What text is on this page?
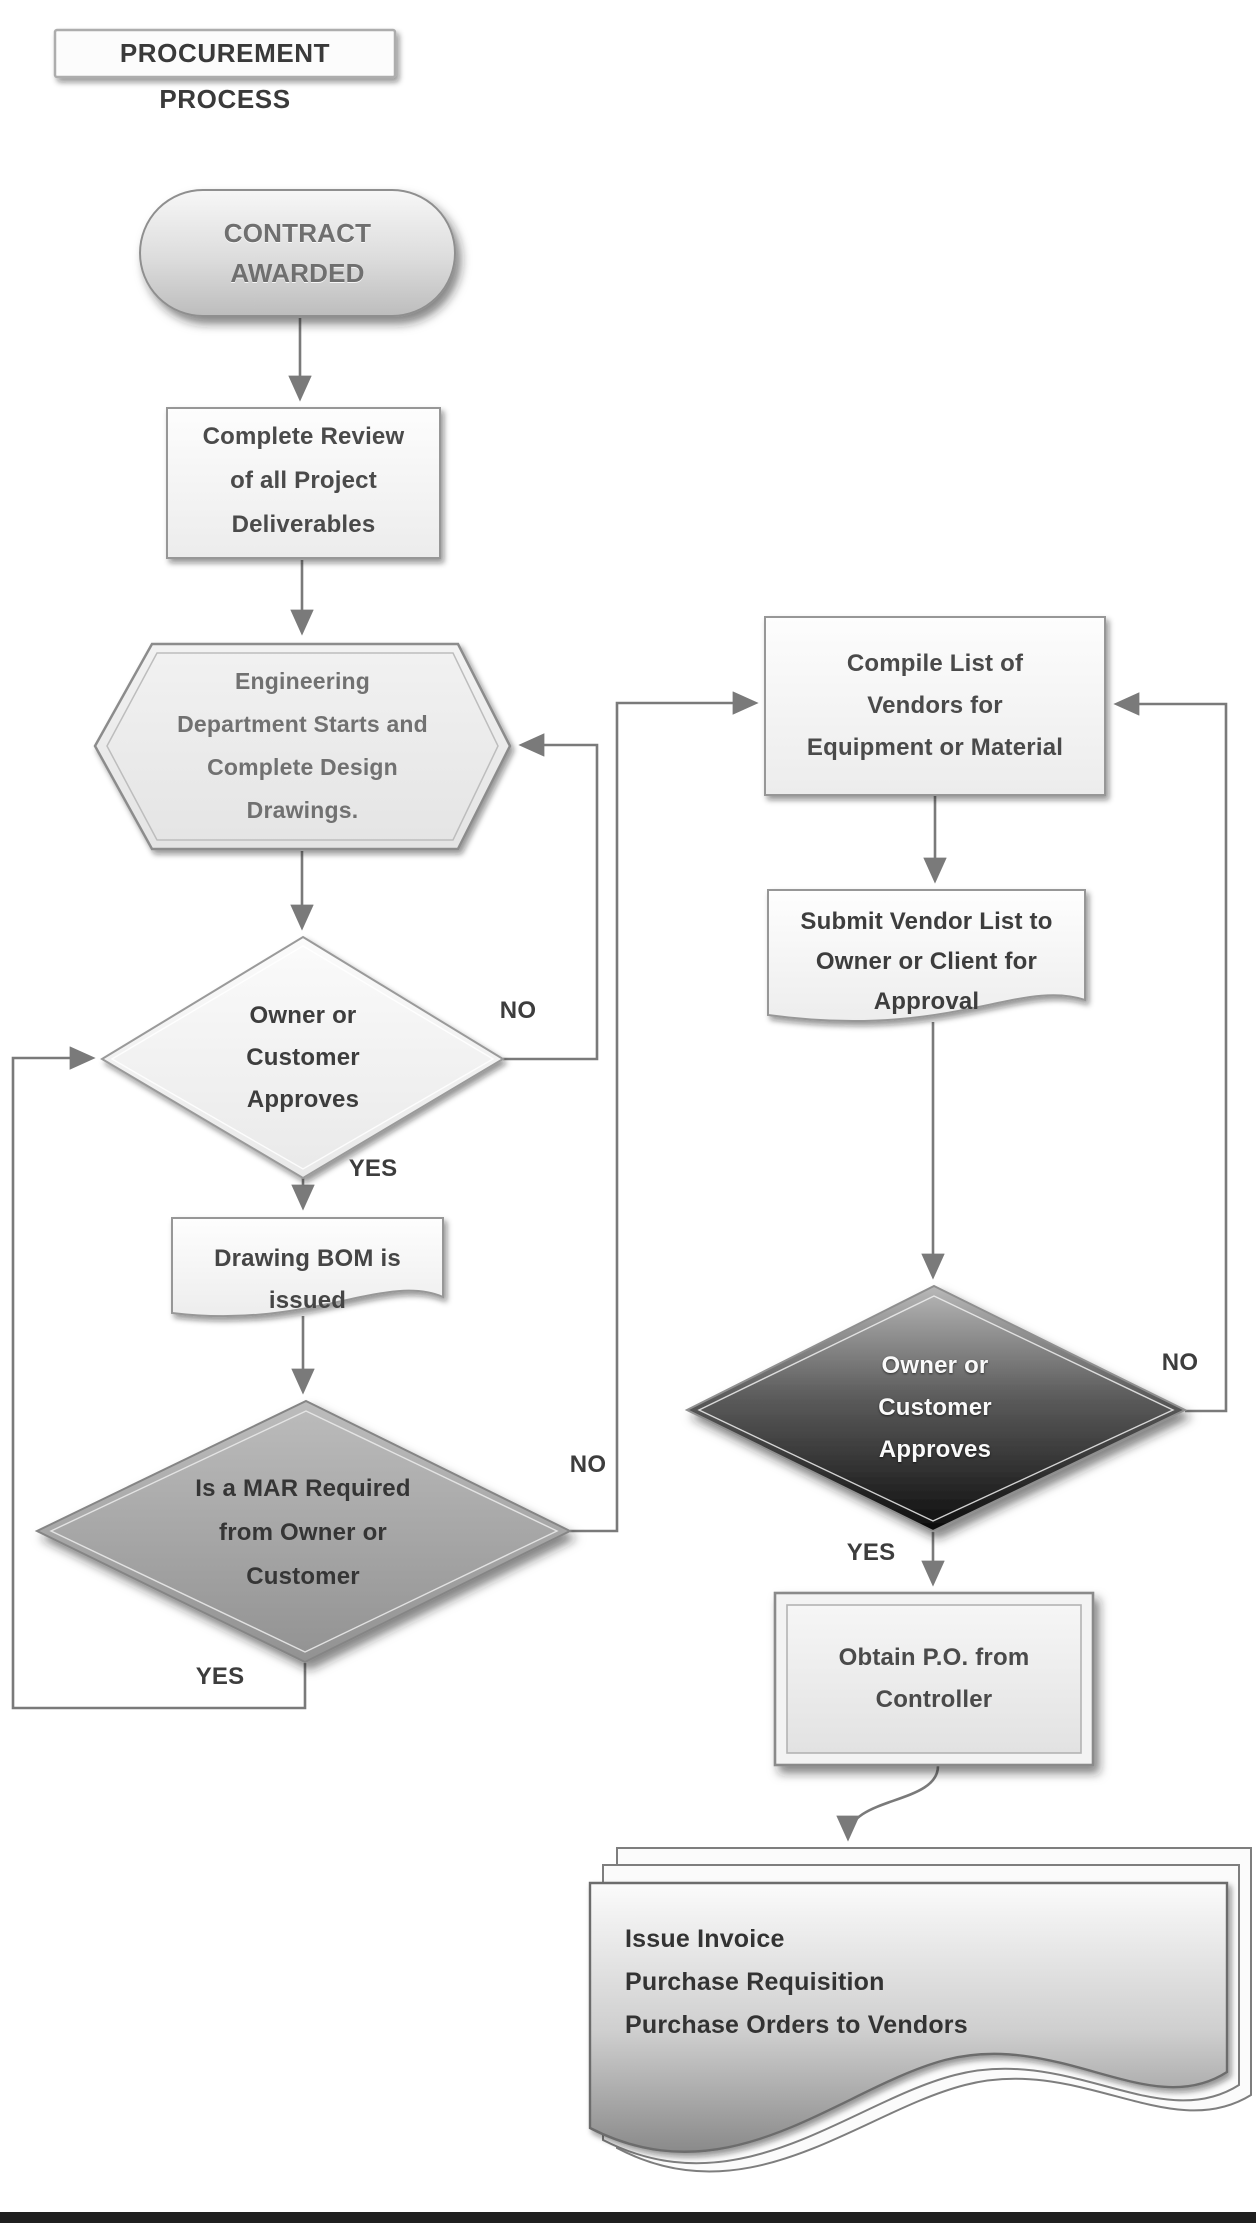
PROCUREMENT PROCESS
CONTRACT
AWARDED
Complete Review
of all Project
Deliverables
Engineering
Department Starts and
Complete Design
Drawings.
Owner or
Customer
Approves
Drawing BOM is
issued
Is a MAR Required
from Owner or
Customer
Compile List of
Vendors for
Equipment or Material
Submit Vendor List to
Owner or Client for
Approval
Owner or
Customer
Approves
Obtain P.O. from
Controller
Issue Invoice
Purchase Requisition
Purchase Orders to Vendors
NO
YES
NO
YES
NO
YES
